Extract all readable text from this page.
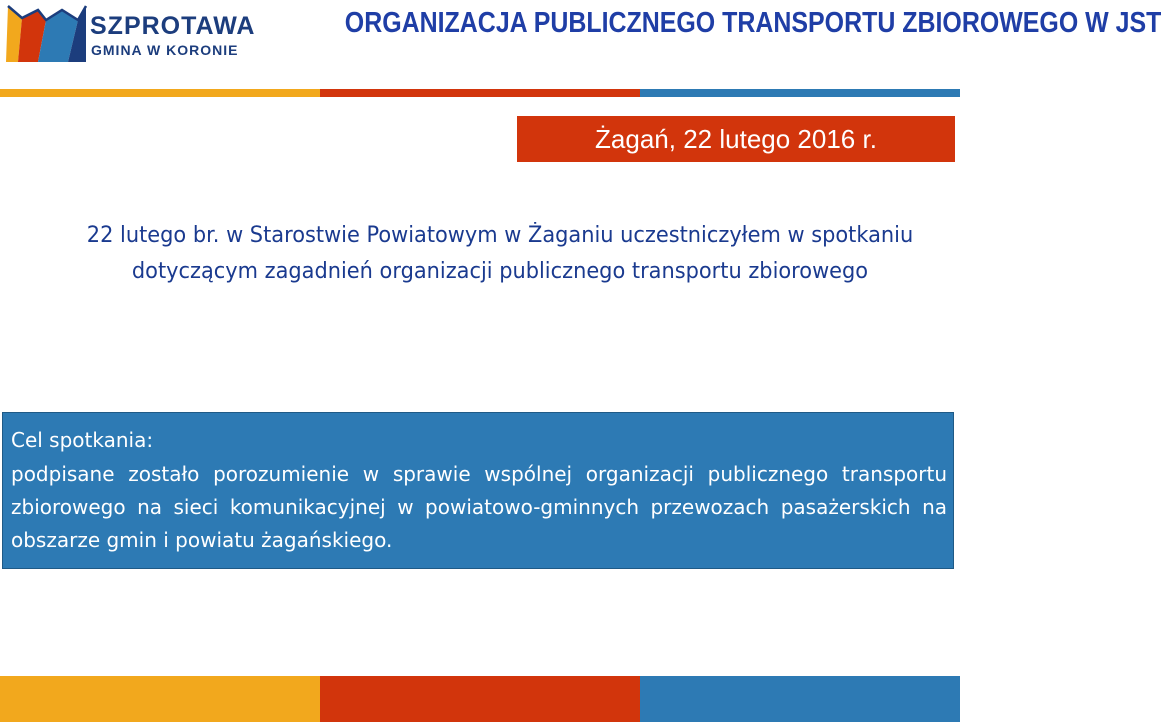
SZPROTAWA
GMINA W KORONIE
ORGANIZACJA PUBLICZNEGO TRANSPORTU ZBIOROWEGO W JST
Żagań, 22 lutego 2016 r.
22 lutego br. w Starostwie Powiatowym w Żaganiu uczestniczyłem w spotkaniu dotyczącym zagadnień organizacji publicznego transportu zbiorowego
Cel spotkania:
podpisane zostało porozumienie w sprawie wspólnej organizacji publicznego transportu zbiorowego na sieci komunikacyjnej w powiatowo-gminnych przewozach pasażerskich na obszarze gmin i powiatu żagańskiego.
